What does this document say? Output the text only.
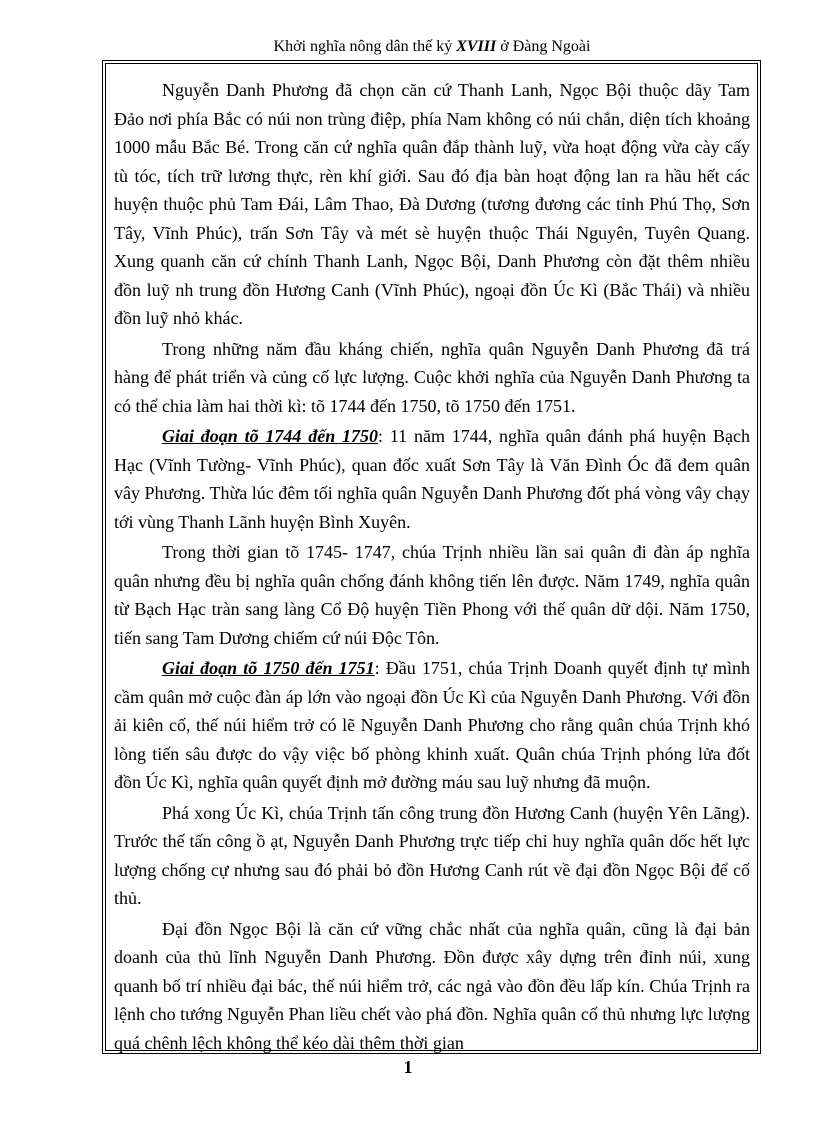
Khởi nghĩa nông dân thế kỷ XVIII ở Đàng Ngoài

Nguyễn Danh Phương đã chọn căn cứ Thanh Lanh, Ngọc Bội thuộc dãy Tam Đảo nơi phía Bắc có núi non trùng điệp, phía Nam không có núi chắn, diện tích khoảng 1000 mẫu Bắc Bé. Trong căn cứ nghĩa quân đắp thành luỹ, vừa hoạt động vừa cày cấy tù tóc, tích trữ lương thực, rèn khí giới. Sau đó địa bàn hoạt động lan ra hầu hết các huyện thuộc phủ Tam Đái, Lâm Thao, Đà Dương (tương đương các tỉnh Phú Thọ, Sơn Tây, Vĩnh Phúc), trấn Sơn Tây và mét sè huyện thuộc Thái Nguyên, Tuyên Quang. Xung quanh căn cứ chính Thanh Lanh, Ngọc Bội, Danh Phương còn đặt thêm nhiều đồn luỹ nh trung đồn Hương Canh (Vĩnh Phúc), ngoại đồn Úc Kì (Bắc Thái) và nhiều đồn luỹ nhỏ khác.

Trong những năm đầu kháng chiến, nghĩa quân Nguyễn Danh Phương đã trá hàng để phát triển và củng cố lực lượng. Cuộc khởi nghĩa của Nguyễn Danh Phương ta có thể chia làm hai thời kì: tõ 1744 đến 1750, tõ 1750 đến 1751.

Giai đoạn tõ 1744 đến 1750: 11 năm 1744, nghĩa quân đánh phá huyện Bạch Hạc (Vĩnh Tường- Vĩnh Phúc), quan đốc xuất Sơn Tây là Văn Đình Óc đã đem quân vây Phương. Thừa lúc đêm tối nghĩa quân Nguyễn Danh Phương đốt phá vòng vây chạy tới vùng Thanh Lãnh huyện Bình Xuyên.

Trong thời gian tõ 1745- 1747, chúa Trịnh nhiều lần sai quân đi đàn áp nghĩa quân nhưng đều bị nghĩa quân chống đánh không tiến lên được. Năm 1749, nghĩa quân từ Bạch Hạc tràn sang làng Cổ Độ huyện Tiền Phong với thế quân dữ dội. Năm 1750, tiến sang Tam Dương chiếm cứ núi Độc Tôn.

Giai đoạn tõ 1750 đến 1751: Đầu 1751, chúa Trịnh Doanh quyết định tự mình cầm quân mở cuộc đàn áp lớn vào ngoại đồn Úc Kì của Nguyễn Danh Phương. Với đồn ải kiên cố, thế núi hiểm trở có lẽ Nguyễn Danh Phương cho rằng quân chúa Trịnh khó lòng tiến sâu được do vậy việc bố phòng khinh xuất. Quân chúa Trịnh phóng lửa đốt đồn Úc Kì, nghĩa quân quyết định mở đường máu sau luỹ nhưng đã muộn.

Phá xong Úc Kì, chúa Trịnh tấn công trung đồn Hương Canh (huyện Yên Lãng). Trước thế tấn công ồ ạt, Nguyễn Danh Phương trực tiếp chỉ huy nghĩa quân dốc hết lực lượng chống cự nhưng sau đó phải bỏ đồn Hương Canh rút về đại đồn Ngọc Bội để cố thủ.

Đại đồn Ngọc Bội là căn cứ vững chắc nhất của nghĩa quân, cũng là đại bản doanh của thủ lĩnh Nguyễn Danh Phương. Đồn được xây dựng trên đỉnh núi, xung quanh bố trí nhiều đại bác, thế núi hiểm trở, các ngả vào đồn đều lấp kín. Chúa Trịnh ra lệnh cho tướng Nguyễn Phan liều chết vào phá đồn. Nghĩa quân cố thủ nhưng lực lượng quá chênh lệch không thể kéo dài thêm thời gian

1
